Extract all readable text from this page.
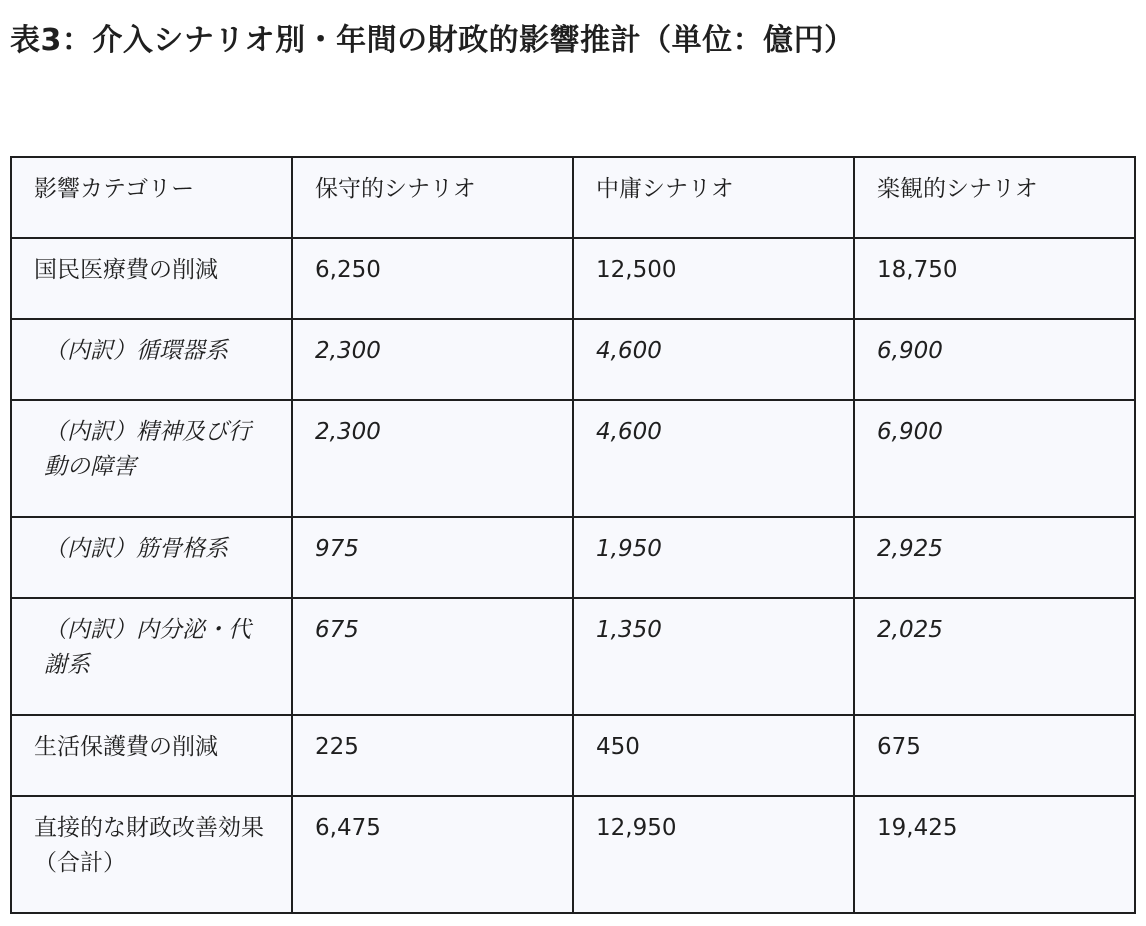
表3：介入シナリオ別・年間の財政的影響推計（単位：億円）
影響カテゴリー	保守的シナリオ	中庸シナリオ	楽観的シナリオ
国民医療費の削減	6,250	12,500	18,750
（内訳）循環器系	2,300	4,600	6,900
（内訳）精神及び行動の障害	2,300	4,600	6,900
（内訳）筋骨格系	975	1,950	2,925
（内訳）内分泌・代謝系	675	1,350	2,025
生活保護費の削減	225	450	675
直接的な財政改善効果（合計）	6,475	12,950	19,425
